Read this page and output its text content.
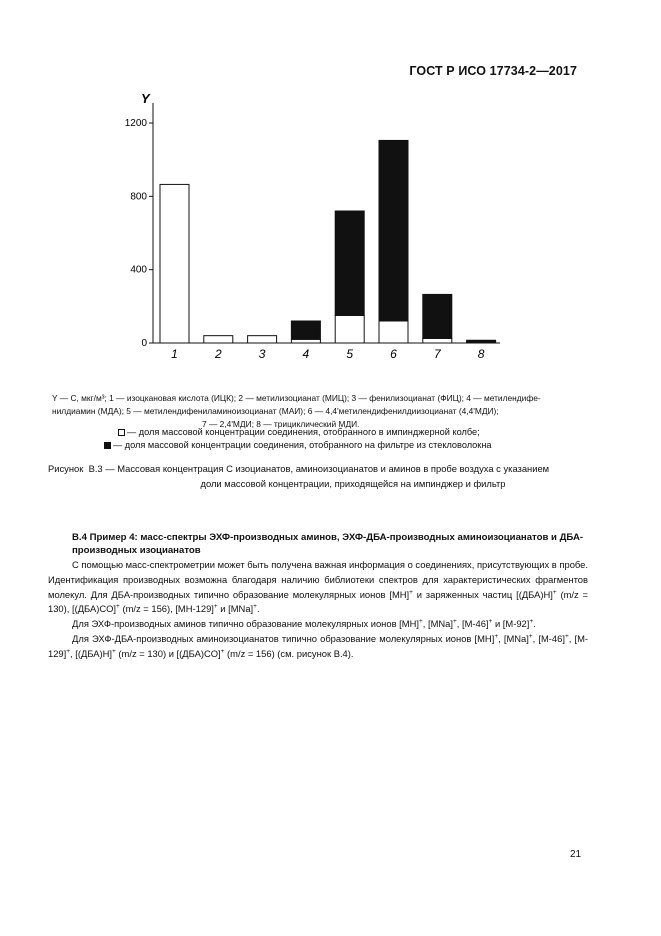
ГОСТ Р ИСО 17734-2—2017
Y
0
400
800
1200
1	2	3	4	5	6	7	8
Y — C, мкг/м³; 1 — изоцкановая кислота (ИЦК); 2 — метилизоцианат (МИЦ); 3 — фенилизоцианат (ФИЦ); 4 — метилендифе-
нилдиамин (МДА); 5 — метилендифениламиноизоцианат (МАИ); 6 — 4,4'метилендифенилдиизоцианат (4,4'МДИ);
7 — 2,4'МДИ; 8 — трициклический МДИ.
— доля массовой концентрации соединения, отобранного в импинджерной колбе;
— доля массовой концентрации соединения, отобранного на фильтре из стекловолокна
Рисунок  В.3 — Массовая концентрация C изоцианатов, аминоизоцианатов и аминов в пробе воздуха с указанием
доли массовой концентрации, приходящейся на импинджер и фильтр
В.4 Пример 4: масс-спектры ЭХФ-производных аминов, ЭХФ-ДБА-производных аминоизоцианатов и ДБА-производных изоцианатов

С помощью масс-спектрометрии может быть получена важная информация о соединениях, присутствующих в пробе. Идентификация производных возможна благодаря наличию библиотеки спектров для характеристических фрагментов молекул. Для ДБА-производных типично образование молекулярных ионов [MH]+ и заряженных частиц [(ДБА)H]+ (m/z = 130), [(ДБА)CO]+ (m/z = 156), [MH-129]+ и [MNa]+.

Для ЭХФ-производных аминов типично образование молекулярных ионов [MH]+, [MNa]+, [M-46]+ и [M-92]+.

Для ЭХФ-ДБА-производных аминоизоцианатов типично образование молекулярных ионов [MH]+, [MNa]+, [M-46]+, [M-129]+, [(ДБА)H]+ (m/z = 130) и [(ДБА)CO]+ (m/z = 156) (см. рисунок В.4).

21
